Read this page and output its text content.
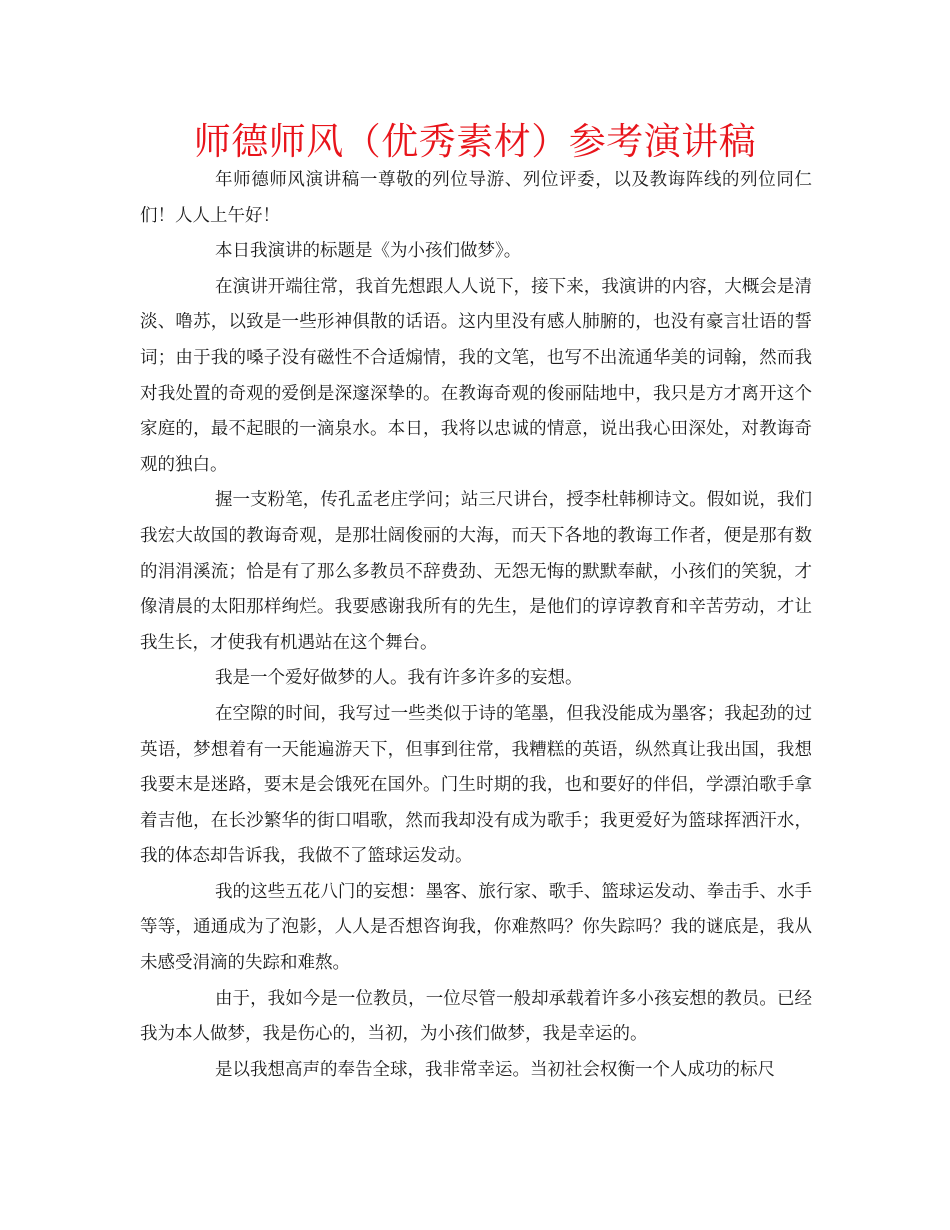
师德师风（优秀素材）参考演讲稿

年师德师风演讲稿一尊敬的列位导游、列位评委，以及教诲阵线的列位同仁们！人人上午好！

本日我演讲的标题是《为小孩们做梦》。

在演讲开端往常，我首先想跟人人说下，接下来，我演讲的内容，大概会是清淡、噜苏，以致是一些形神俱散的话语。这内里没有感人肺腑的，也没有豪言壮语的誓词；由于我的嗓子没有磁性不合适煽情，我的文笔，也写不出流通华美的词翰，然而我对我处置的奇观的爱倒是深邃深挚的。在教诲奇观的俊丽陆地中，我只是方才离开这个家庭的，最不起眼的一滴泉水。本日，我将以忠诚的情意，说出我心田深处，对教诲奇观的独白。

握一支粉笔，传孔孟老庄学问；站三尺讲台，授李杜韩柳诗文。假如说，我们我宏大故国的教诲奇观，是那壮阔俊丽的大海，而天下各地的教诲工作者，便是那有数的涓涓溪流；恰是有了那么多教员不辞费劲、无怨无悔的默默奉献，小孩们的笑貌，才像清晨的太阳那样绚烂。我要感谢我所有的先生，是他们的谆谆教育和辛苦劳动，才让我生长，才使我有机遇站在这个舞台。

我是一个爱好做梦的人。我有许多许多的妄想。

在空隙的时间，我写过一些类似于诗的笔墨，但我没能成为墨客；我起劲的过英语，梦想着有一天能遍游天下，但事到往常，我糟糕的英语，纵然真让我出国，我想我要末是迷路，要末是会饿死在国外。门生时期的我，也和要好的伴侣，学漂泊歌手拿着吉他，在长沙繁华的街口唱歌，然而我却没有成为歌手；我更爱好为篮球挥洒汗水，我的体态却告诉我，我做不了篮球运发动。

我的这些五花八门的妄想：墨客、旅行家、歌手、篮球运发动、拳击手、水手等等，通通成为了泡影，人人是否想咨询我，你难熬吗？你失踪吗？我的谜底是，我从未感受涓滴的失踪和难熬。

由于，我如今是一位教员，一位尽管一般却承载着许多小孩妄想的教员。已经我为本人做梦，我是伤心的，当初，为小孩们做梦，我是幸运的。

是以我想高声的奉告全球，我非常幸运。当初社会权衡一个人成功的标尺
